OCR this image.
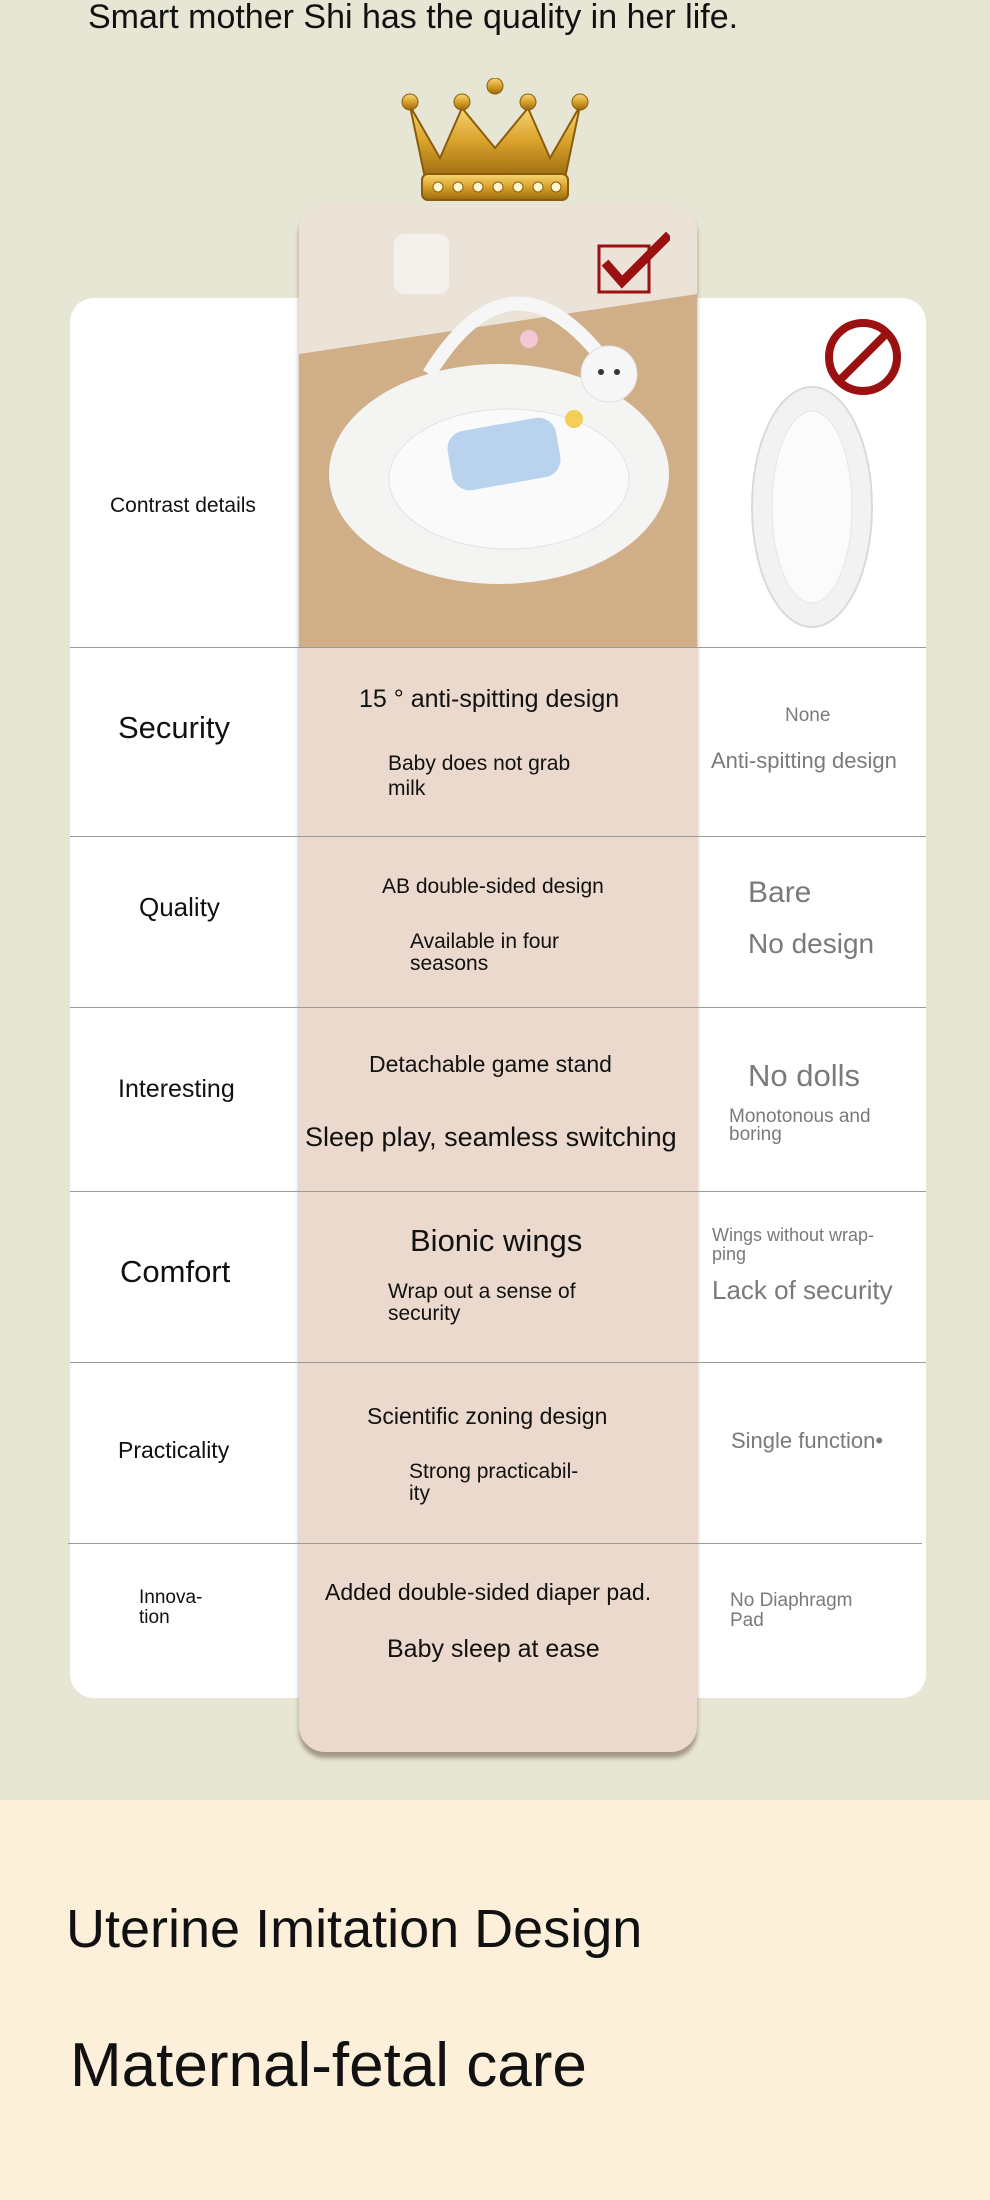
Smart mother Shi has the quality in her life.
Contrast details
Security
15 ° anti-spitting design
Baby does not grab
milk
None
Anti-spitting design
Quality
AB double-sided design
Available in four
seasons
Bare
No design
Interesting
Detachable game stand
Sleep play, seamless switching
No dolls
Monotonous and
boring
Comfort
Bionic wings
Wrap out a sense of
security
Wings without wrap-
ping
Lack of security
Practicality
Scientific zoning design
Strong practicabil-
ity
Single function•
Innova-
tion
Added double-sided diaper pad.
Baby sleep at ease
No Diaphragm
Pad
Uterine Imitation Design
Maternal-fetal care
